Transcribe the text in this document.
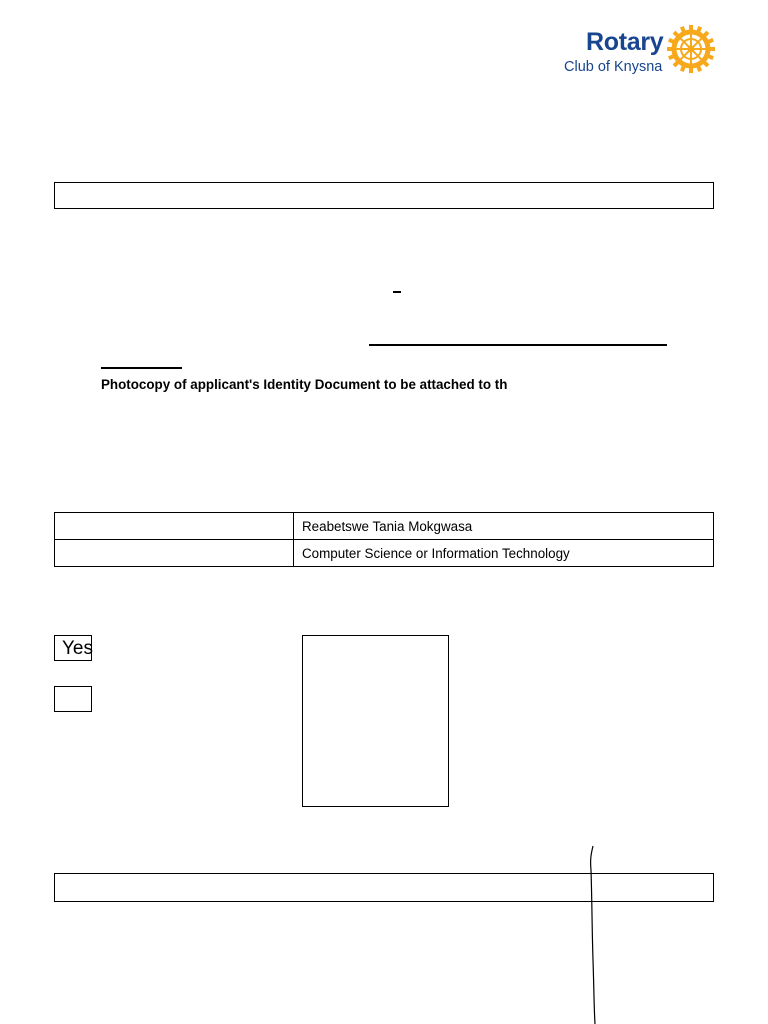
Rotary
Club of Knysna
Photocopy of applicant's Identity Document to be attached to th
	Reabetswe Tania Mokgwasa
	Computer Science or Information Technology
Yes
